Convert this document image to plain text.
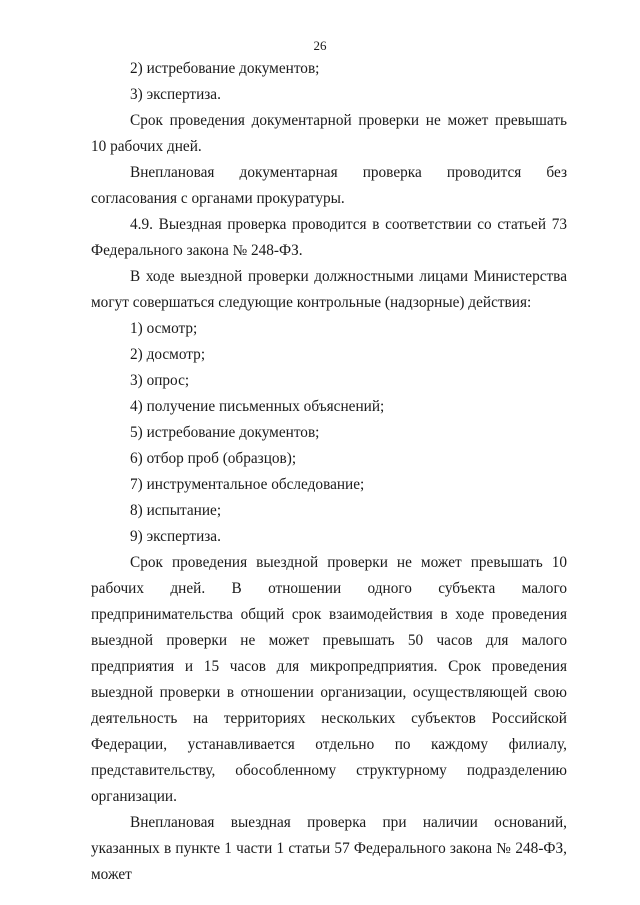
26

2) истребование документов;

3) экспертиза.

Срок проведения документарной проверки не может превышать 10 рабочих дней.

Внеплановая документарная проверка проводится без согласования с органами прокуратуры.

4.9. Выездная проверка проводится в соответствии со статьей 73 Федерального закона № 248-ФЗ.

В ходе выездной проверки должностными лицами Министерства могут совершаться следующие контрольные (надзорные) действия:

1) осмотр;

2) досмотр;

3) опрос;

4) получение письменных объяснений;

5) истребование документов;

6) отбор проб (образцов);

7) инструментальное обследование;

8) испытание;

9) экспертиза.

Срок проведения выездной проверки не может превышать 10 рабочих дней. В отношении одного субъекта малого предпринимательства общий срок взаимодействия в ходе проведения выездной проверки не может превышать 50 часов для малого предприятия и 15 часов для микропредприятия. Срок проведения выездной проверки в отношении организации, осуществляющей свою деятельность на территориях нескольких субъектов Российской Федерации, устанавливается отдельно по каждому филиалу, представительству, обособленному структурному подразделению организации.

Внеплановая выездная проверка при наличии оснований, указанных в пункте 1 части 1 статьи 57 Федерального закона № 248-ФЗ, может
